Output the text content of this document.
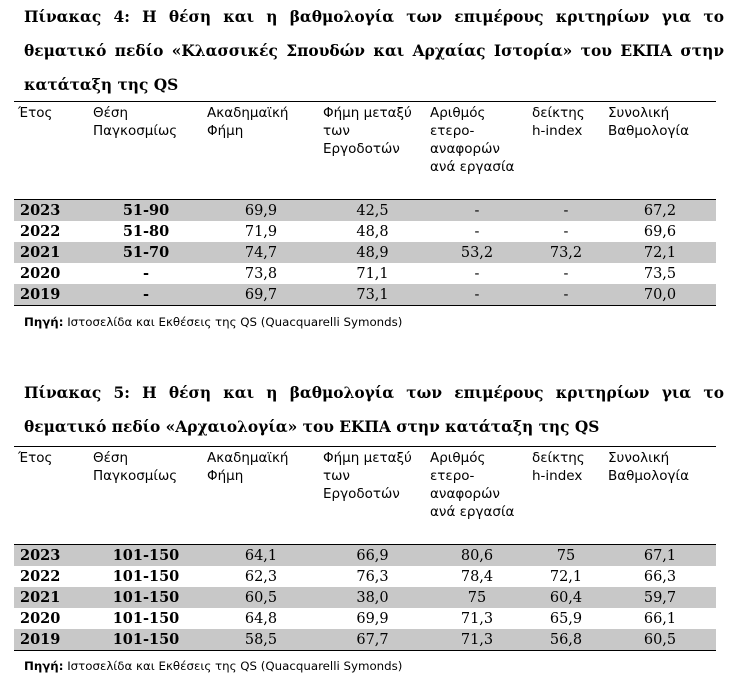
Πίνακας 4: Η θέση και η βαθμολογία των επιμέρους κριτηρίων για το θεματικό πεδίο «Κλασσικές Σπουδών και Αρχαίας Ιστορία» του ΕΚΠΑ στην κατάταξη της QS
Έτος	Θέση Παγκοσμίως	Ακαδημαϊκή Φήμη	Φήμη μεταξύ των Εργοδοτών	Αριθμός ετερο-αναφορών ανά εργασία	δείκτης h-index	Συνολική Βαθμολογία
2023	51-90	69,9	42,5	-	-	67,2
2022	51-80	71,9	48,8	-	-	69,6
2021	51-70	74,7	48,9	53,2	73,2	72,1
2020	-	73,8	71,1	-	-	73,5
2019	-	69,7	73,1	-	-	70,0
Πηγή: Ιστοσελίδα και Εκθέσεις της QS (Quacquarelli Symonds)
Πίνακας 5: Η θέση και η βαθμολογία των επιμέρους κριτηρίων για το θεματικό πεδίο «Αρχαιολογία» του ΕΚΠΑ στην κατάταξη της QS
Έτος	Θέση Παγκοσμίως	Ακαδημαϊκή Φήμη	Φήμη μεταξύ των Εργοδοτών	Αριθμός ετερο-αναφορών ανά εργασία	δείκτης h-index	Συνολική Βαθμολογία
2023	101-150	64,1	66,9	80,6	75	67,1
2022	101-150	62,3	76,3	78,4	72,1	66,3
2021	101-150	60,5	38,0	75	60,4	59,7
2020	101-150	64,8	69,9	71,3	65,9	66,1
2019	101-150	58,5	67,7	71,3	56,8	60,5
Πηγή: Ιστοσελίδα και Εκθέσεις της QS (Quacquarelli Symonds)
